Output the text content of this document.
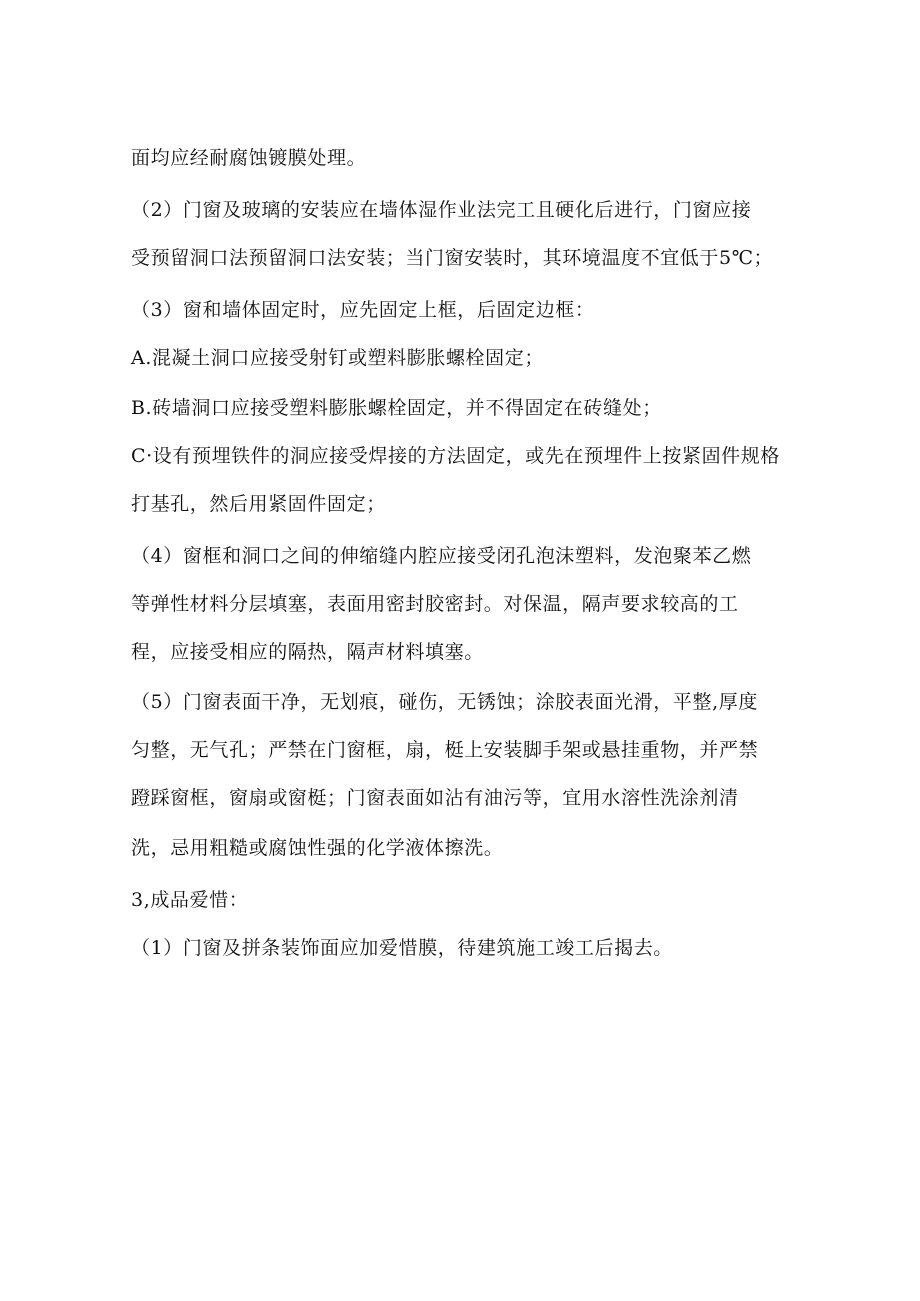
面均应经耐腐蚀镀膜处理。
（2）门窗及玻璃的安装应在墙体湿作业法完工且硬化后进行，门窗应接
受预留洞口法预留洞口法安装；当门窗安装时，其环境温度不宜低于5℃；
（3）窗和墙体固定时，应先固定上框，后固定边框：
A.混凝土洞口应接受射钉或塑料膨胀螺栓固定；
B.砖墙洞口应接受塑料膨胀螺栓固定，并不得固定在砖缝处；
C·设有预埋铁件的洞应接受焊接的方法固定，或先在预埋件上按紧固件规格
打基孔，然后用紧固件固定；
（4）窗框和洞口之间的伸缩缝内腔应接受闭孔泡沫塑料，发泡聚苯乙燃
等弹性材料分层填塞，表面用密封胶密封。对保温，隔声要求较高的工
程，应接受相应的隔热，隔声材料填塞。
（5）门窗表面干净，无划痕，碰伤，无锈蚀；涂胶表面光滑，平整,厚度
匀整，无气孔；严禁在门窗框，扇，梃上安装脚手架或悬挂重物，并严禁
蹬踩窗框，窗扇或窗梃；门窗表面如沾有油污等，宜用水溶性洗涂剂清
洗，忌用粗糙或腐蚀性强的化学液体擦洗。
3,成品爱惜：
（1）门窗及拼条装饰面应加爱惜膜，待建筑施工竣工后揭去。
